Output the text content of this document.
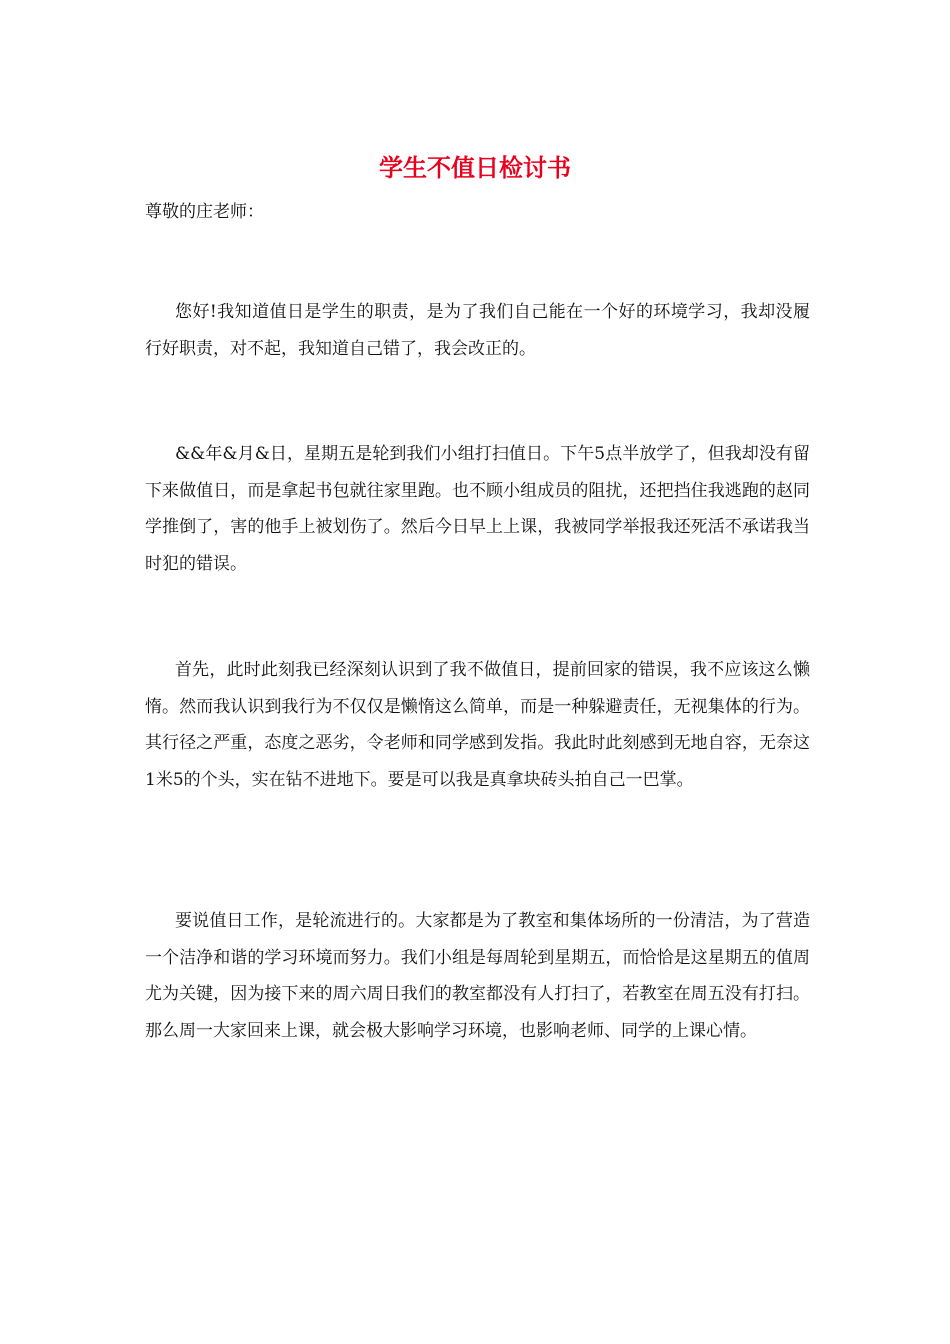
学生不值日检讨书

尊敬的庄老师：

您好!我知道值日是学生的职责，是为了我们自己能在一个好的环境学习，我却没履行好职责，对不起，我知道自己错了，我会改正的。

&&年&月&日，星期五是轮到我们小组打扫值日。下午5点半放学了，但我却没有留下来做值日，而是拿起书包就往家里跑。也不顾小组成员的阻扰，还把挡住我逃跑的赵同学推倒了，害的他手上被划伤了。然后今日早上上课，我被同学举报我还死活不承诺我当时犯的错误。

首先，此时此刻我已经深刻认识到了我不做值日，提前回家的错误，我不应该这么懒惰。然而我认识到我行为不仅仅是懒惰这么简单，而是一种躲避责任，无视集体的行为。其行径之严重，态度之恶劣，令老师和同学感到发指。我此时此刻感到无地自容，无奈这1米5的个头，实在钻不进地下。要是可以我是真拿块砖头拍自己一巴掌。

要说值日工作，是轮流进行的。大家都是为了教室和集体场所的一份清洁，为了营造一个洁净和谐的学习环境而努力。我们小组是每周轮到星期五，而恰恰是这星期五的值周尤为关键，因为接下来的周六周日我们的教室都没有人打扫了，若教室在周五没有打扫。那么周一大家回来上课，就会极大影响学习环境，也影响老师、同学的上课心情。
